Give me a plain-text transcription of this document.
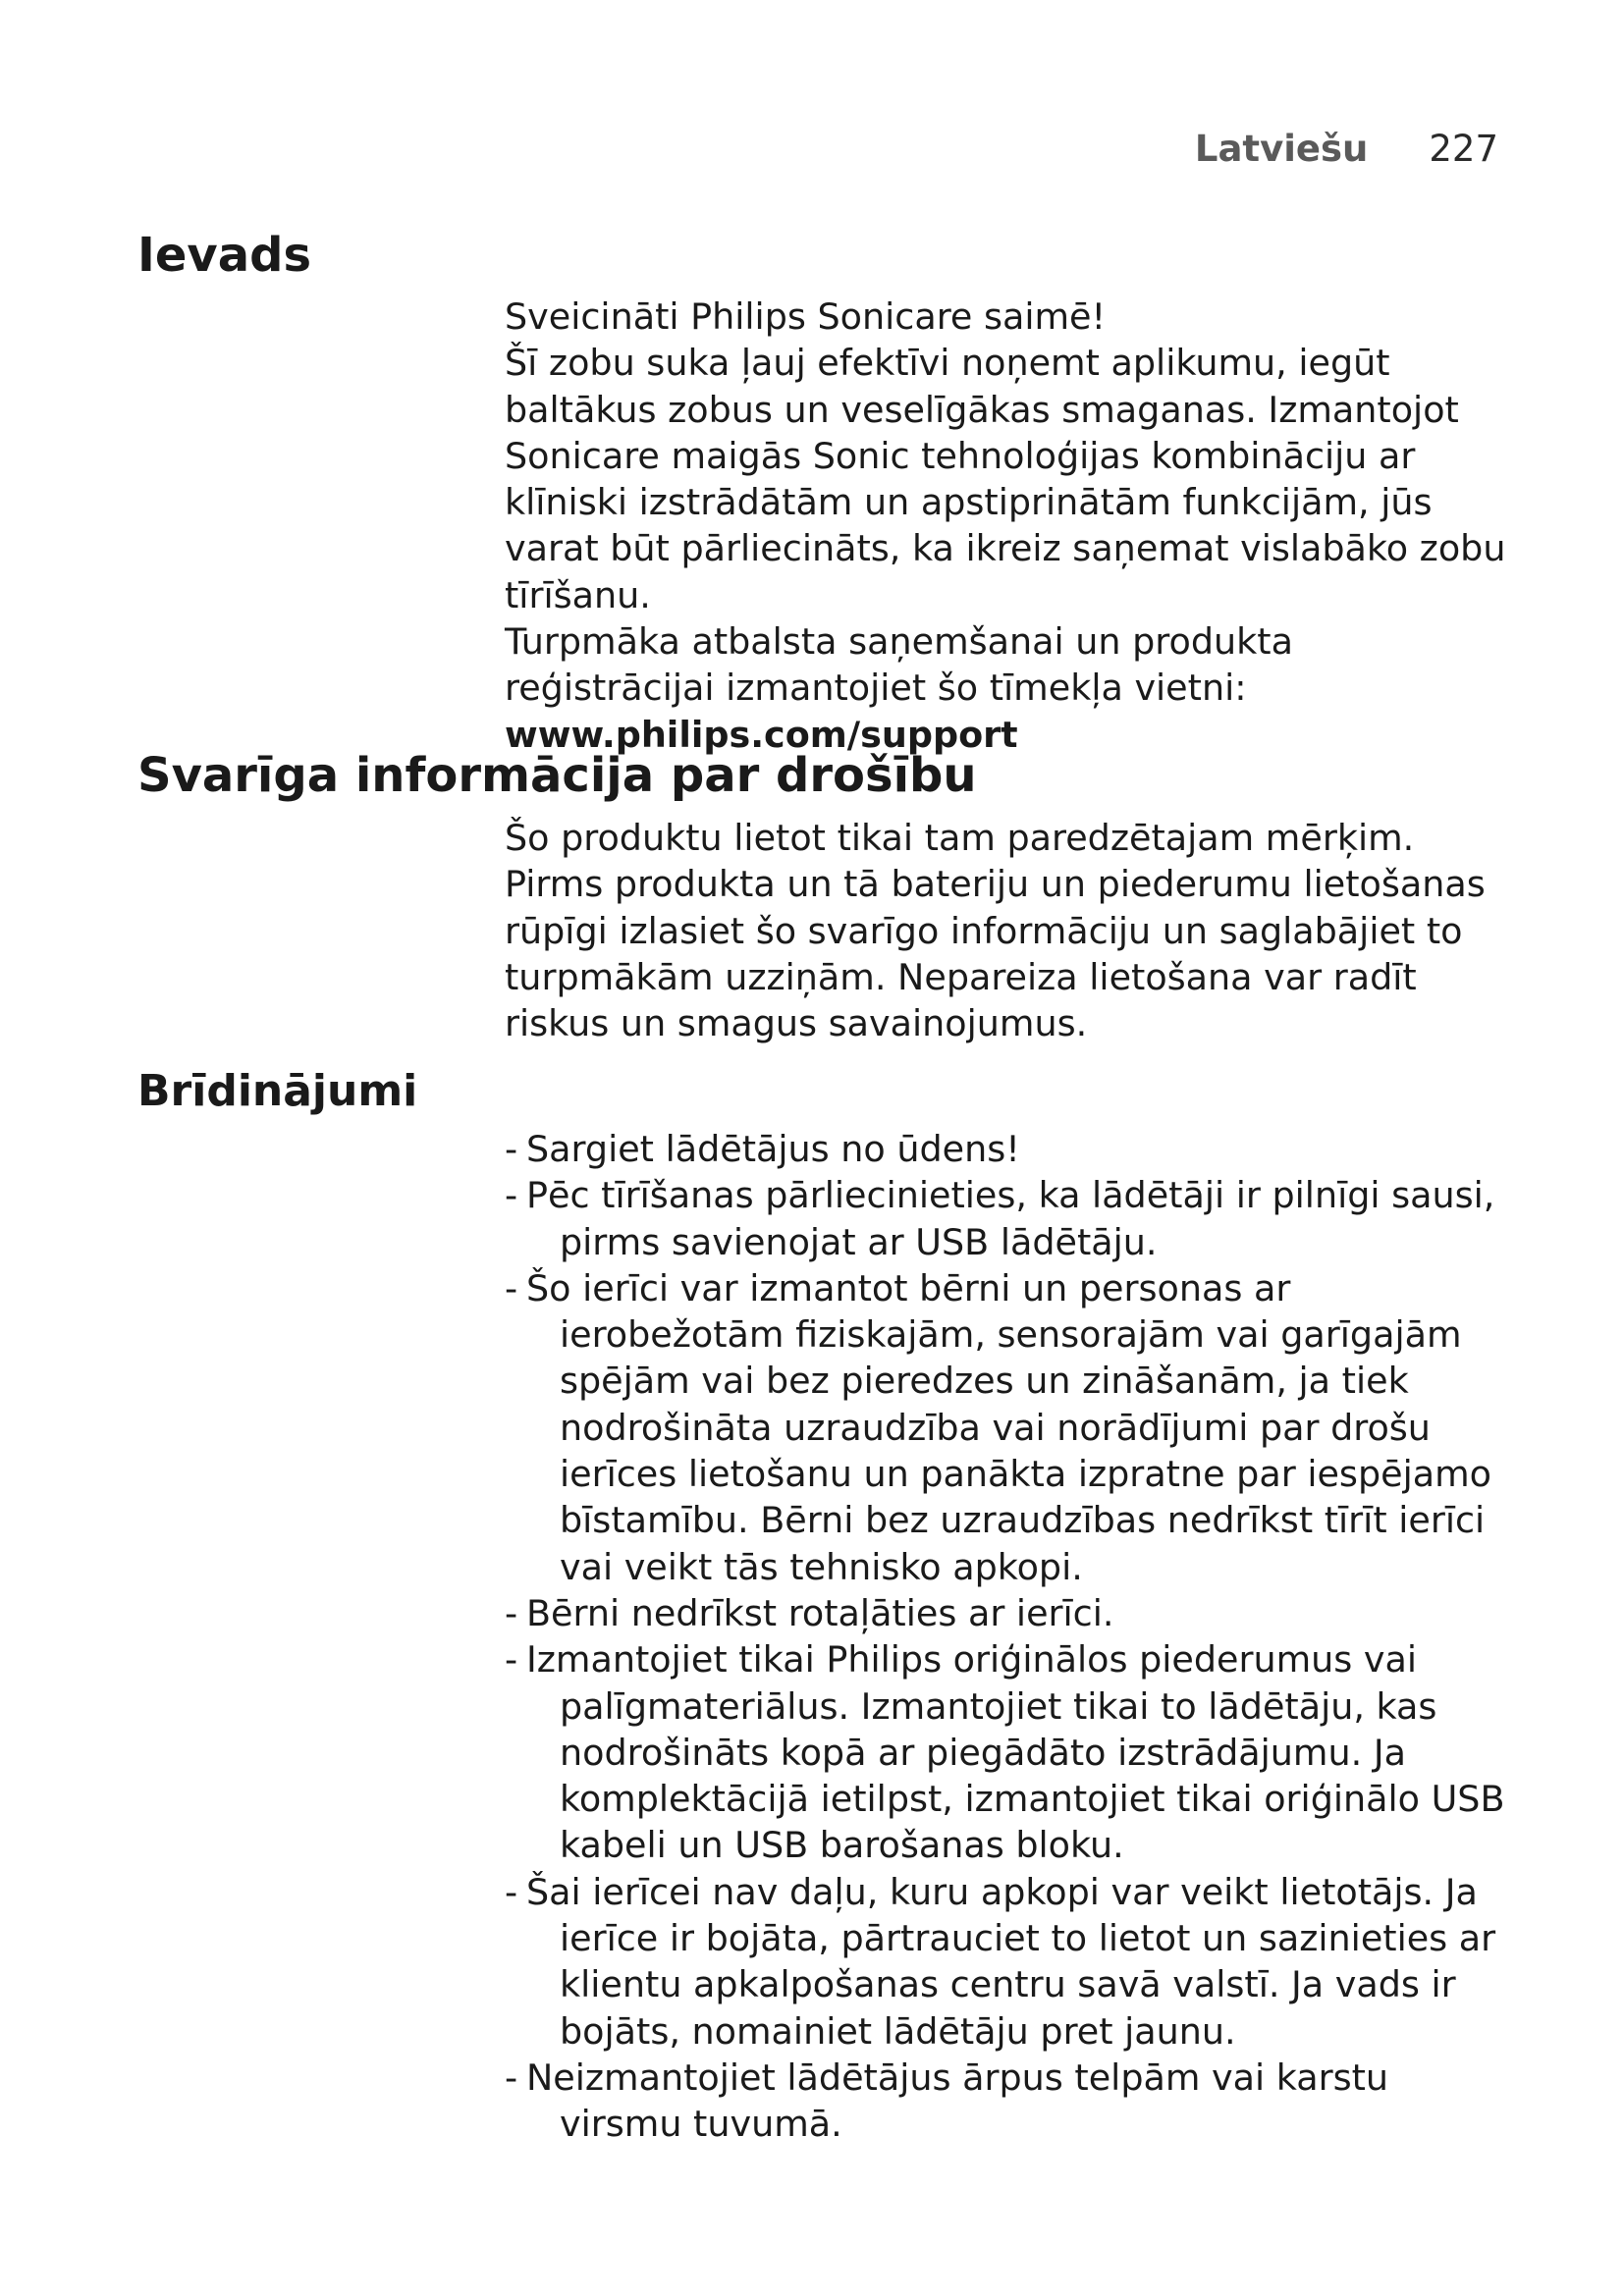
Latviešu 227
Ievads

Sveicināti Philips Sonicare saimē!

Šī zobu suka ļauj efektīvi noņemt aplikumu, iegūt baltākus zobus un veselīgākas smaganas. Izmantojot Sonicare maigās Sonic tehnoloģijas kombināciju ar klīniski izstrādātām un apstiprinātām funkcijām, jūs varat būt pārliecināts, ka ikreiz saņemat vislabāko zobu tīrīšanu.

Turpmāka atbalsta saņemšanai un produkta reģistrācijai izmantojiet šo tīmekļa vietni: www.philips.com/support

Svarīga informācija par drošību

Šo produktu lietot tikai tam paredzētajam mērķim. Pirms produkta un tā bateriju un piederumu lietošanas rūpīgi izlasiet šo svarīgo informāciju un saglabājiet to turpmākām uzziņām. Nepareiza lietošana var radīt riskus un smagus savainojumus.

Brīdinājumi
- Sargiet lādētājus no ūdens!
- Pēc tīrīšanas pārliecinieties, ka lādētāji ir pilnīgi sausi, pirms savienojat ar USB lādētāju.
- Šo ierīci var izmantot bērni un personas ar ierobežotām fiziskajām, sensorajām vai garīgajām spējām vai bez pieredzes un zināšanām, ja tiek nodrošināta uzraudzība vai norādījumi par drošu ierīces lietošanu un panākta izpratne par iespējamo bīstamību. Bērni bez uzraudzības nedrīkst tīrīt ierīci vai veikt tās tehnisko apkopi.
- Bērni nedrīkst rotaļāties ar ierīci.
- Izmantojiet tikai Philips oriģinālos piederumus vai palīgmateriālus. Izmantojiet tikai to lādētāju, kas nodrošināts kopā ar piegādāto izstrādājumu. Ja komplektācijā ietilpst, izmantojiet tikai oriģinālo USB kabeli un USB barošanas bloku.
- Šai ierīcei nav daļu, kuru apkopi var veikt lietotājs. Ja ierīce ir bojāta, pārtrauciet to lietot un sazinieties ar klientu apkalpošanas centru savā valstī. Ja vads ir bojāts, nomainiet lādētāju pret jaunu.
- Neizmantojiet lādētājus ārpus telpām vai karstu virsmu tuvumā.
